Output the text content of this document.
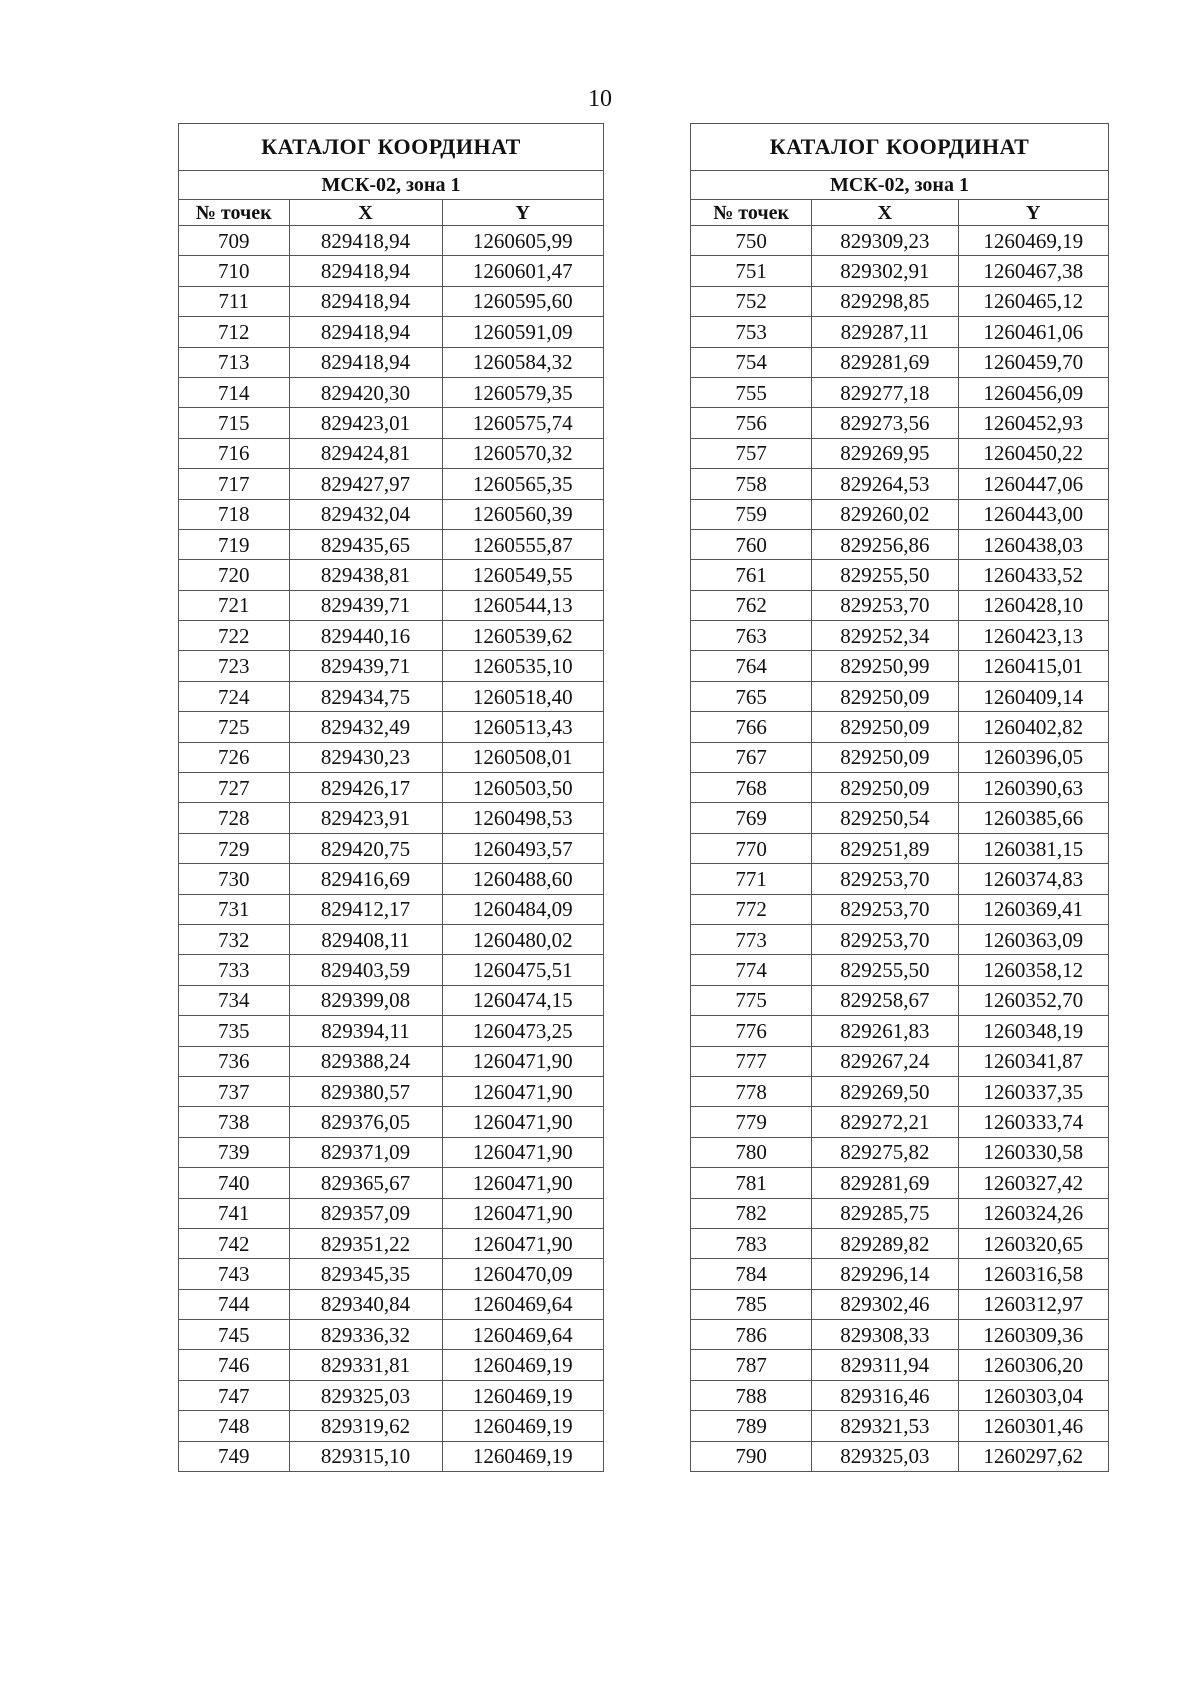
10
КАТАЛОГ КООРДИНАТ		
МСК-02, зона 1		
№ точек	X	Y
709	829418,94	1260605,99
710	829418,94	1260601,47
711	829418,94	1260595,60
712	829418,94	1260591,09
713	829418,94	1260584,32
714	829420,30	1260579,35
715	829423,01	1260575,74
716	829424,81	1260570,32
717	829427,97	1260565,35
718	829432,04	1260560,39
719	829435,65	1260555,87
720	829438,81	1260549,55
721	829439,71	1260544,13
722	829440,16	1260539,62
723	829439,71	1260535,10
724	829434,75	1260518,40
725	829432,49	1260513,43
726	829430,23	1260508,01
727	829426,17	1260503,50
728	829423,91	1260498,53
729	829420,75	1260493,57
730	829416,69	1260488,60
731	829412,17	1260484,09
732	829408,11	1260480,02
733	829403,59	1260475,51
734	829399,08	1260474,15
735	829394,11	1260473,25
736	829388,24	1260471,90
737	829380,57	1260471,90
738	829376,05	1260471,90
739	829371,09	1260471,90
740	829365,67	1260471,90
741	829357,09	1260471,90
742	829351,22	1260471,90
743	829345,35	1260470,09
744	829340,84	1260469,64
745	829336,32	1260469,64
746	829331,81	1260469,19
747	829325,03	1260469,19
748	829319,62	1260469,19
749	829315,10	1260469,19
КАТАЛОГ КООРДИНАТ		
МСК-02, зона 1		
№ точек	X	Y
750	829309,23	1260469,19
751	829302,91	1260467,38
752	829298,85	1260465,12
753	829287,11	1260461,06
754	829281,69	1260459,70
755	829277,18	1260456,09
756	829273,56	1260452,93
757	829269,95	1260450,22
758	829264,53	1260447,06
759	829260,02	1260443,00
760	829256,86	1260438,03
761	829255,50	1260433,52
762	829253,70	1260428,10
763	829252,34	1260423,13
764	829250,99	1260415,01
765	829250,09	1260409,14
766	829250,09	1260402,82
767	829250,09	1260396,05
768	829250,09	1260390,63
769	829250,54	1260385,66
770	829251,89	1260381,15
771	829253,70	1260374,83
772	829253,70	1260369,41
773	829253,70	1260363,09
774	829255,50	1260358,12
775	829258,67	1260352,70
776	829261,83	1260348,19
777	829267,24	1260341,87
778	829269,50	1260337,35
779	829272,21	1260333,74
780	829275,82	1260330,58
781	829281,69	1260327,42
782	829285,75	1260324,26
783	829289,82	1260320,65
784	829296,14	1260316,58
785	829302,46	1260312,97
786	829308,33	1260309,36
787	829311,94	1260306,20
788	829316,46	1260303,04
789	829321,53	1260301,46
790	829325,03	1260297,62
